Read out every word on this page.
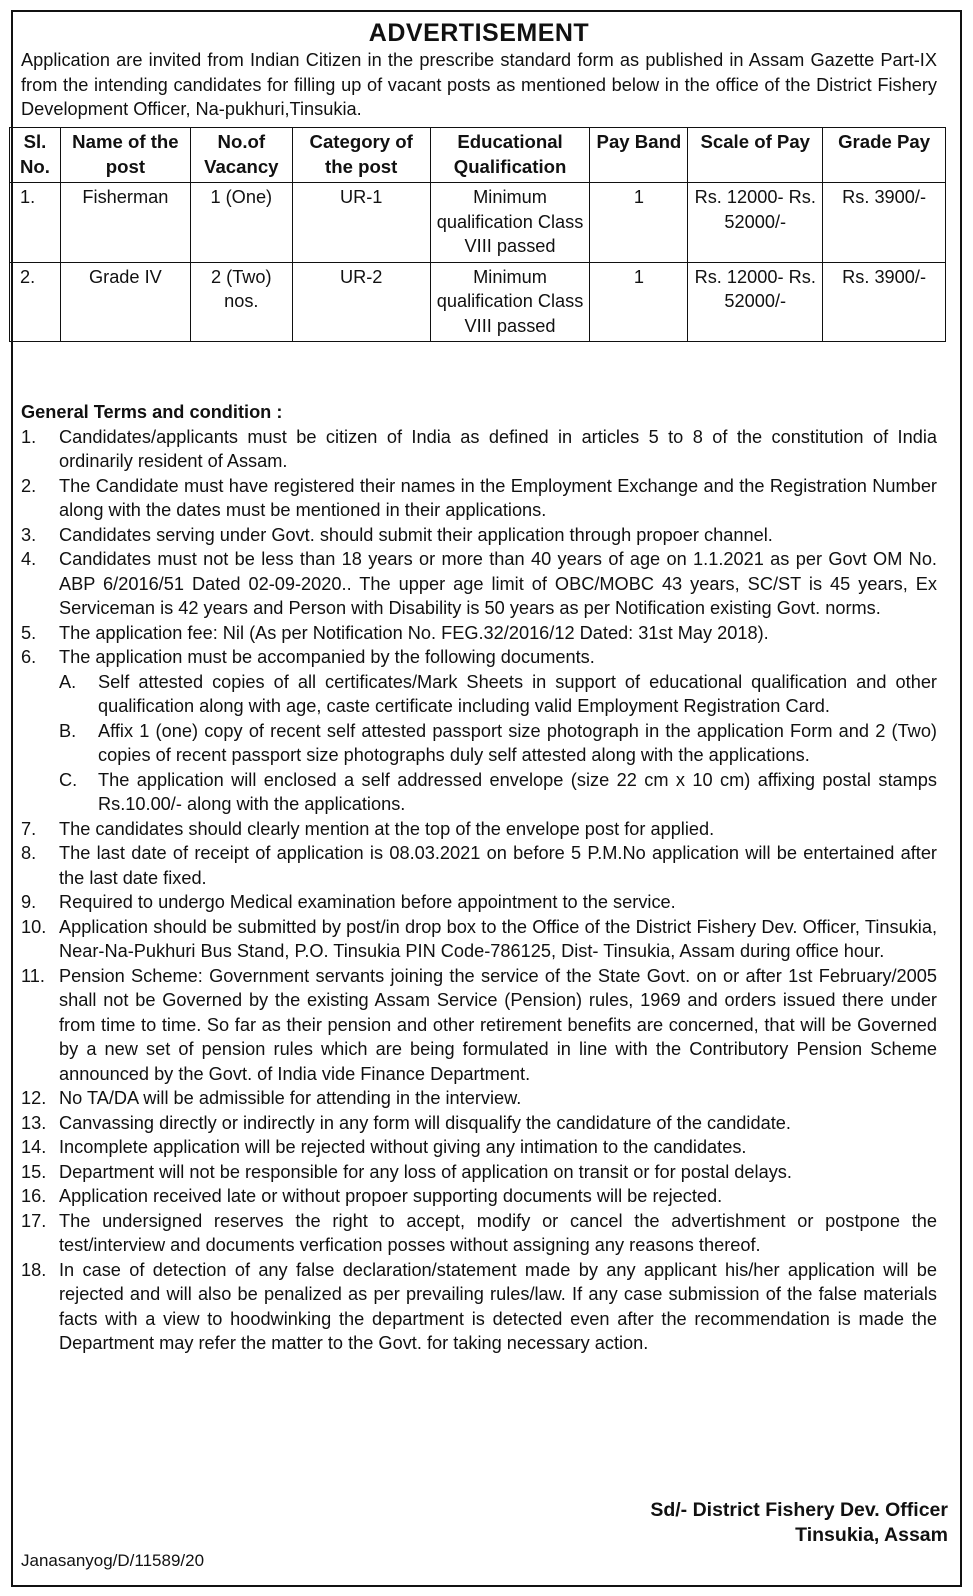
ADVERTISEMENT

Application are invited from Indian Citizen in the prescribe standard form as published in Assam Gazette Part-IX from the intending candidates for filling up of vacant posts as mentioned below in the office of the District Fishery Development Officer, Na-pukhuri,Tinsukia.

Sl. No.	Name of the post	No.of Vacancy	Category of the post	Educational Qualification	Pay Band	Scale of Pay	Grade Pay
1.	Fisherman	1 (One)	UR-1	Minimum qualification Class VIII passed	1	Rs. 12000- Rs. 52000/-	Rs. 3900/-
2.	Grade IV	2 (Two) nos.	UR-2	Minimum qualification Class VIII passed	1	Rs. 12000- Rs. 52000/-	Rs. 3900/-

General Terms and condition :

1. Candidates/applicants must be citizen of India as defined in articles 5 to 8 of the constitution of India ordinarily resident of Assam.
2. The Candidate must have registered their names in the Employment Exchange and the Registration Number along with the dates must be mentioned in their applications.
3. Candidates serving under Govt. should submit their application through propoer channel.
4. Candidates must not be less than 18 years or more than 40 years of age on 1.1.2021 as per Govt OM No. ABP 6/2016/51 Dated 02-09-2020.. The upper age limit of OBC/MOBC 43 years, SC/ST is 45 years, Ex Serviceman is 42 years and Person with Disability is 50 years as per Notification existing Govt. norms.
5. The application fee: Nil (As per Notification No. FEG.32/2016/12 Dated: 31st May 2018).
6. The application must be accompanied by the following documents.
A. Self attested copies of all certificates/Mark Sheets in support of educational qualification and other qualification along with age, caste certificate including valid Employment Registration Card.
B. Affix 1 (one) copy of recent self attested passport size photograph in the application Form and 2 (Two) copies of recent passport size photographs duly self attested along with the applications.
C. The application will enclosed a self addressed envelope (size 22 cm x 10 cm) affixing postal stamps Rs.10.00/- along with the applications.
7. The candidates should clearly mention at the top of the envelope post for applied.
8. The last date of receipt of application is 08.03.2021 on before 5 P.M.No application will be entertained after the last date fixed.
9. Required to undergo Medical examination before appointment to the service.
10. Application should be submitted by post/in drop box to the Office of the District Fishery Dev. Officer, Tinsukia, Near-Na-Pukhuri Bus Stand, P.O. Tinsukia PIN Code-786125, Dist- Tinsukia, Assam during office hour.
11. Pension Scheme: Government servants joining the service of the State Govt. on or after 1st February/2005 shall not be Governed by the existing Assam Service (Pension) rules, 1969 and orders issued there under from time to time. So far as their pension and other retirement benefits are concerned, that will be Governed by a new set of pension rules which are being formulated in line with the Contributory Pension Scheme announced by the Govt. of India vide Finance Department.
12. No TA/DA will be admissible for attending in the interview.
13. Canvassing directly or indirectly in any form will disqualify the candidature of the candidate.
14. Incomplete application will be rejected without giving any intimation to the candidates.
15. Department will not be responsible for any loss of application on transit or for postal delays.
16. Application received late or without propoer supporting documents will be rejected.
17. The undersigned reserves the right to accept, modify or cancel the advertishment or postpone the test/interview and documents verfication posses without assigning any reasons thereof.
18. In case of detection of any false declaration/statement made by any applicant his/her application will be rejected and will also be penalized as per prevailing rules/law. If any case submission of the false materials facts with a view to hoodwinking the department is detected even after the recommendation is made the Department may refer the matter to the Govt. for taking necessary action.
Sd/- District Fishery Dev. Officer
Tinsukia, Assam
Janasanyog/D/11589/20
